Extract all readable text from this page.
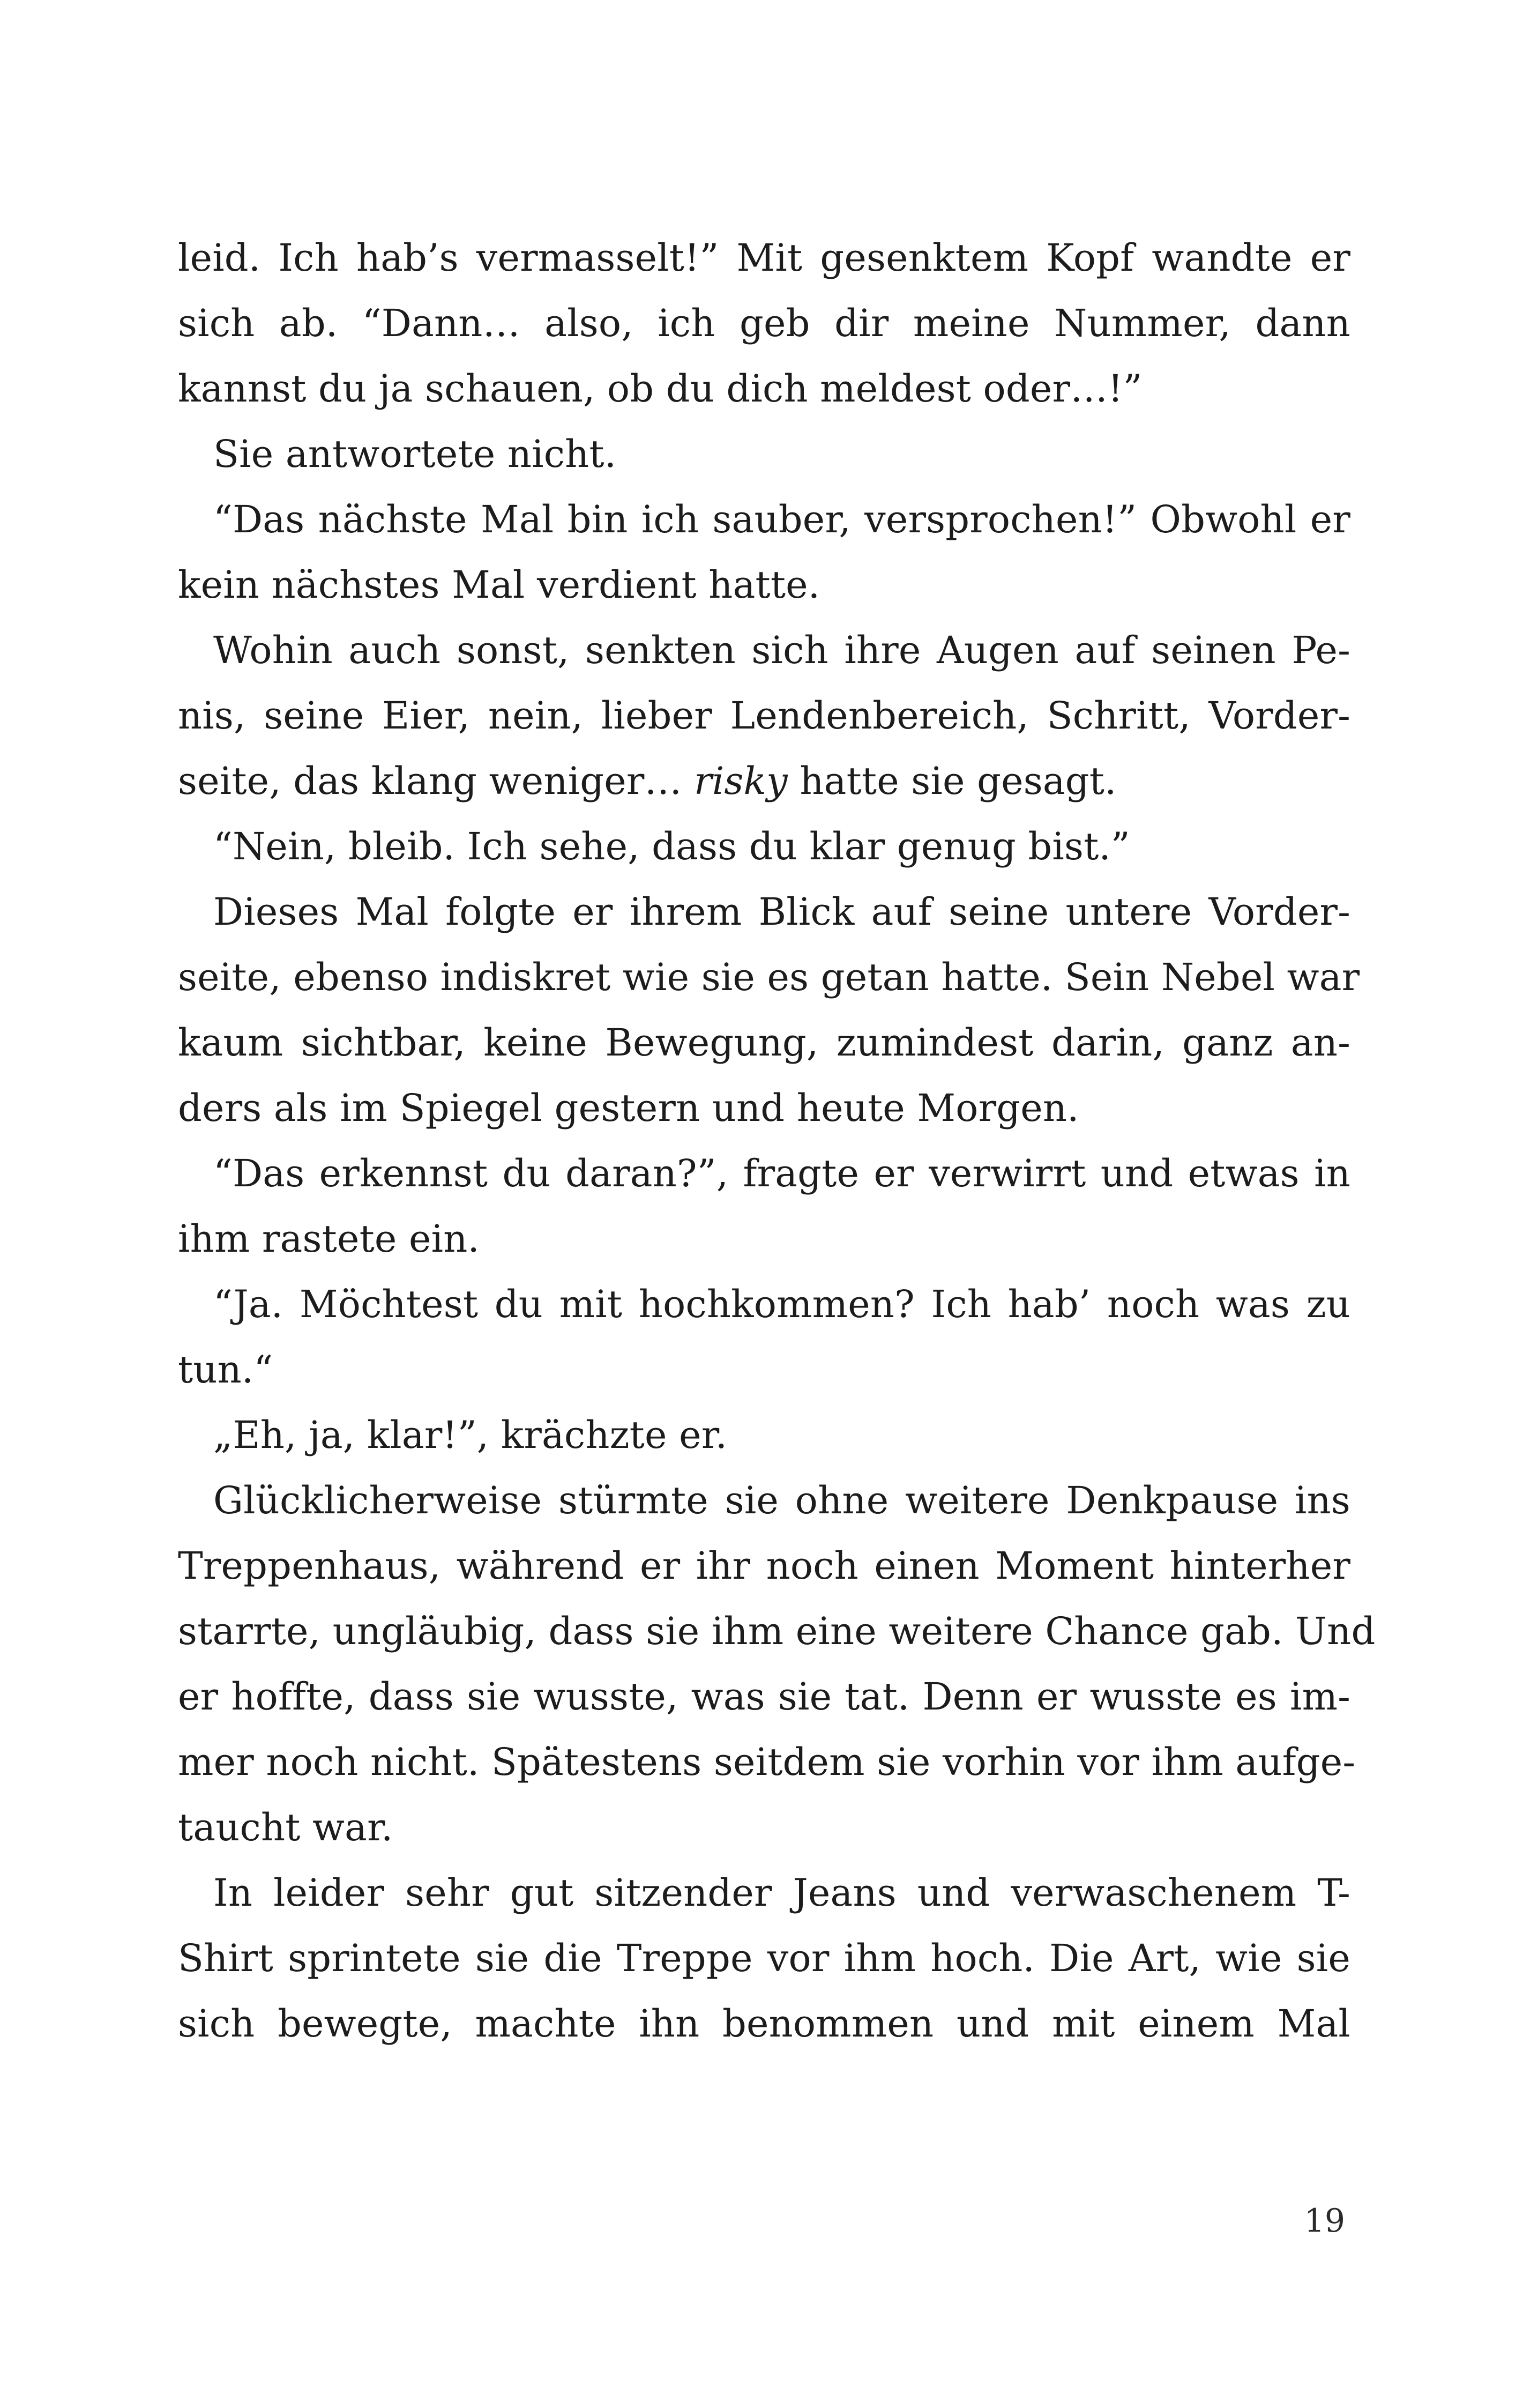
leid. Ich hab’s vermasselt!” Mit gesenktem Kopf wandte er
sich ab. “Dann… also, ich geb dir meine Nummer, dann
kannst du ja schauen, ob du dich meldest oder…!”
Sie antwortete nicht.
“Das nächste Mal bin ich sauber, versprochen!” Obwohl er
kein nächstes Mal verdient hatte.
Wohin auch sonst, senkten sich ihre Augen auf seinen Pe-
nis, seine Eier, nein, lieber Lendenbereich, Schritt, Vorder-
seite, das klang weniger… risky hatte sie gesagt.
“Nein, bleib. Ich sehe, dass du klar genug bist.”
Dieses Mal folgte er ihrem Blick auf seine untere Vorder-
seite, ebenso indiskret wie sie es getan hatte. Sein Nebel war
kaum sichtbar, keine Bewegung, zumindest darin, ganz an-
ders als im Spiegel gestern und heute Morgen.
“Das erkennst du daran?”, fragte er verwirrt und etwas in
ihm rastete ein.
“Ja. Möchtest du mit hochkommen? Ich hab’ noch was zu
tun.“
„Eh, ja, klar!”, krächzte er.
Glücklicherweise stürmte sie ohne weitere Denkpause ins
Treppenhaus, während er ihr noch einen Moment hinterher
starrte, ungläubig, dass sie ihm eine weitere Chance gab. Und
er hoffte, dass sie wusste, was sie tat. Denn er wusste es im-
mer noch nicht. Spätestens seitdem sie vorhin vor ihm aufge-
taucht war.
In leider sehr gut sitzender Jeans und verwaschenem T-
Shirt sprintete sie die Treppe vor ihm hoch. Die Art, wie sie
sich bewegte, machte ihn benommen und mit einem Mal
19
